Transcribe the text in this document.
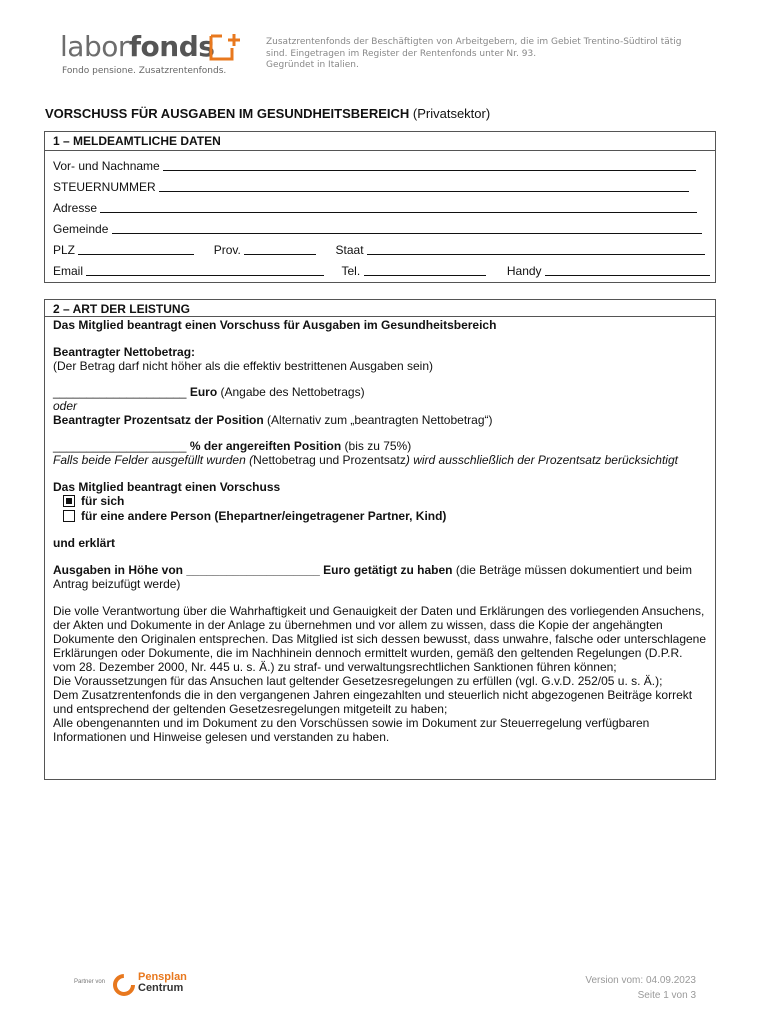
laborfonds
Fondo pensione. Zusatzrentenfonds.
Zusatzrentenfonds der Beschäftigten von Arbeitgebern, die im Gebiet Trentino-Südtirol tätig
sind. Eingetragen im Register der Rentenfonds unter Nr. 93.
Gegründet in Italien.
VORSCHUSS FÜR AUSGABEN IM GESUNDHEITSBEREICH (Privatsektor)
1 – MELDEAMTLICHE DATEN
Vor- und Nachname
STEUERNUMMER
Adresse
Gemeinde
PLZ	Prov.	Staat
Email	Tel.	Handy
2 – ART DER LEISTUNG

Das Mitglied beantragt einen Vorschuss für Ausgaben im Gesundheitsbereich

Beantragter Nettobetrag:

(Der Betrag darf nicht höher als die effektiv bestrittenen Ausgaben sein)

____________________ Euro (Angabe des Nettobetrags)

oder

Beantragter Prozentsatz der Position (Alternativ zum „beantragten Nettobetrag“)

____________________ % der angereiften Position (bis zu 75%)

Falls beide Felder ausgefüllt wurden (Nettobetrag und Prozentsatz) wird ausschließlich der Prozentsatz berücksichtigt

Das Mitglied beantragt einen Vorschuss

für sich

für eine andere Person (Ehepartner/eingetragener Partner, Kind)

und erklärt

Ausgaben in Höhe von ____________________ Euro getätigt zu haben (die Beträge müssen dokumentiert und beim Antrag beizufügt werde)

Die volle Verantwortung über die Wahrhaftigkeit und Genauigkeit der Daten und Erklärungen des vorliegenden Ansuchens, der Akten und Dokumente in der Anlage zu übernehmen und vor allem zu wissen, dass die Kopie der angehängten Dokumente den Originalen entsprechen. Das Mitglied ist sich dessen bewusst, dass unwahre, falsche oder unterschlagene Erklärungen oder Dokumente, die im Nachhinein dennoch ermittelt wurden, gemäß den geltenden Regelungen (D.P.R. vom 28. Dezember 2000, Nr. 445 u. s. Ä.) zu straf- und verwaltungsrechtlichen Sanktionen führen können;

Die Voraussetzungen für das Ansuchen laut geltender Gesetzesregelungen zu erfüllen (vgl. G.v.D. 252/05 u. s. Ä.);

Dem Zusatzrentenfonds die in den vergangenen Jahren eingezahlten und steuerlich nicht abgezogenen Beiträge korrekt und entsprechend der geltenden Gesetzesregelungen mitgeteilt zu haben;

Alle obengenannten und im Dokument zu den Vorschüssen sowie im Dokument zur Steuerregelung verfügbaren Informationen und Hinweise gelesen und verstanden zu haben.

Partner von	Pensplan
Centrum
Version vom: 04.09.2023
Seite 1 von 3
